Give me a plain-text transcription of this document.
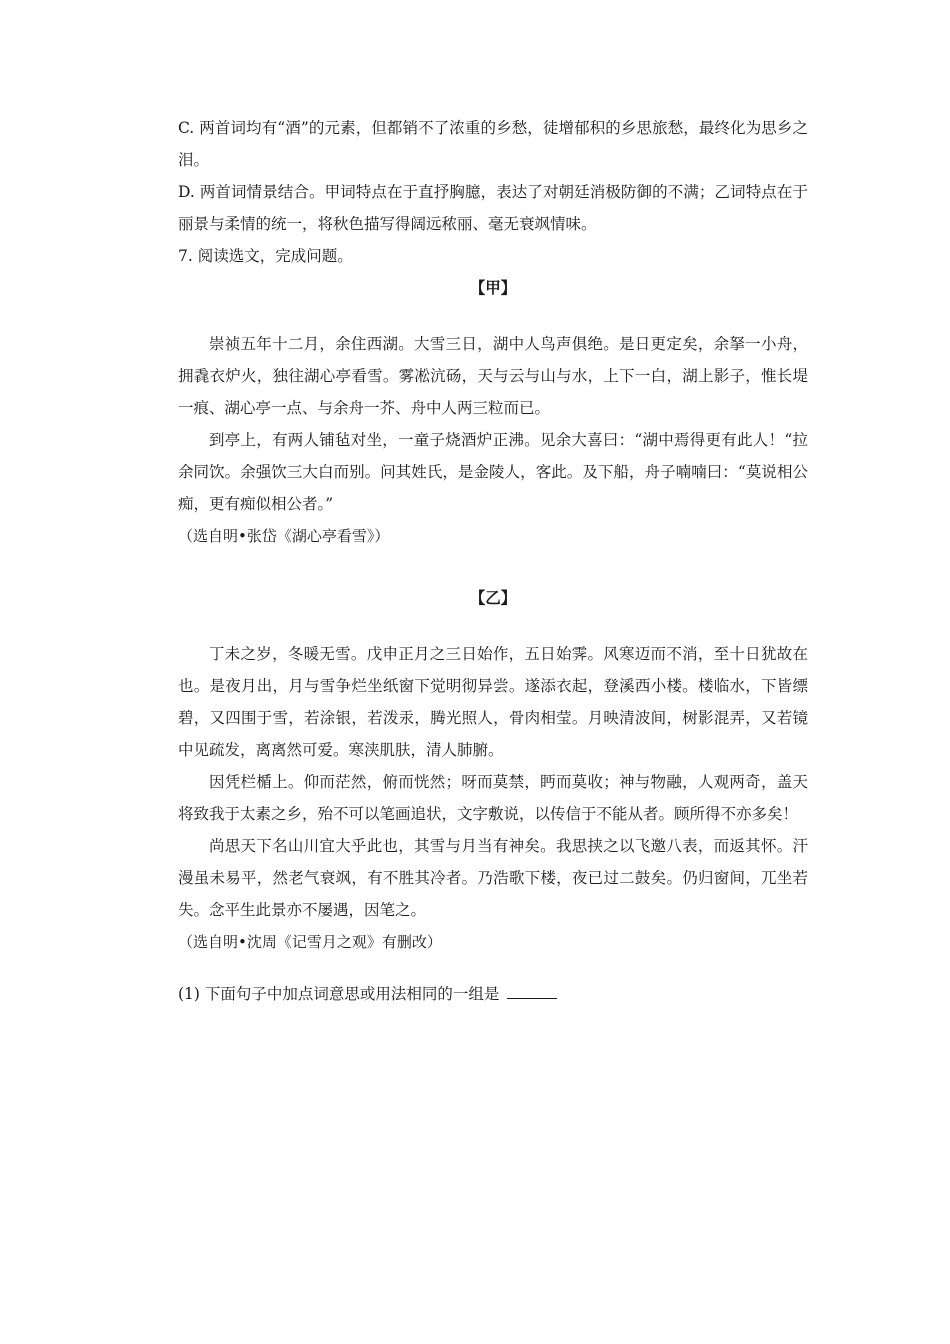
C. 两首词均有“酒”的元素，但都销不了浓重的乡愁，徒增郁积的乡思旅愁，最终化为思乡之泪。

D. 两首词情景结合。甲词特点在于直抒胸臆，表达了对朝廷消极防御的不满；乙词特点在于丽景与柔情的统一，将秋色描写得阔远秾丽、毫无衰飒情味。

7. 阅读选文，完成问题。

【甲】

崇祯五年十二月，余住西湖。大雪三日，湖中人鸟声俱绝。是日更定矣，余拏一小舟，拥毳衣炉火，独往湖心亭看雪。雾凇沆砀，天与云与山与水，上下一白，湖上影子，惟长堤一痕、湖心亭一点、与余舟一芥、舟中人两三粒而已。

到亭上，有两人铺毡对坐，一童子烧酒炉正沸。见余大喜曰：“湖中焉得更有此人！“拉余同饮。余强饮三大白而别。问其姓氏，是金陵人，客此。及下船，舟子喃喃曰：“莫说相公痴，更有痴似相公者。”

（选自明•张岱《湖心亭看雪》）

【乙】

丁未之岁，冬暖无雪。戊申正月之三日始作，五日始霁。风寒迈而不消，至十日犹故在也。是夜月出，月与雪争烂坐纸窗下觉明彻异尝。遂添衣起，登溪西小楼。楼临水，下皆缥碧，又四围于雪，若涂银，若泼汞，腾光照人，骨肉相莹。月映清波间，树影混弄，又若镜中见疏发，离离然可爱。寒浃肌肤，清人肺腑。

因凭栏楯上。仰而茫然，俯而恍然；呀而莫禁，眄而莫收；神与物融，人观两奇，盖天将致我于太素之乡，殆不可以笔画追状，文字敷说，以传信于不能从者。顾所得不亦多矣！

尚思天下名山川宜大乎此也，其雪与月当有神矣。我思挟之以飞邀八表，而返其怀。汗漫虽未易平，然老气衰飒，有不胜其冷者。乃浩歌下楼，夜已过二鼓矣。仍归窗间，兀坐若失。念平生此景亦不屡遇，因笔之。

（选自明•沈周《记雪月之观》有删改）

(1) 下面句子中加点词意思或用法相同的一组是
